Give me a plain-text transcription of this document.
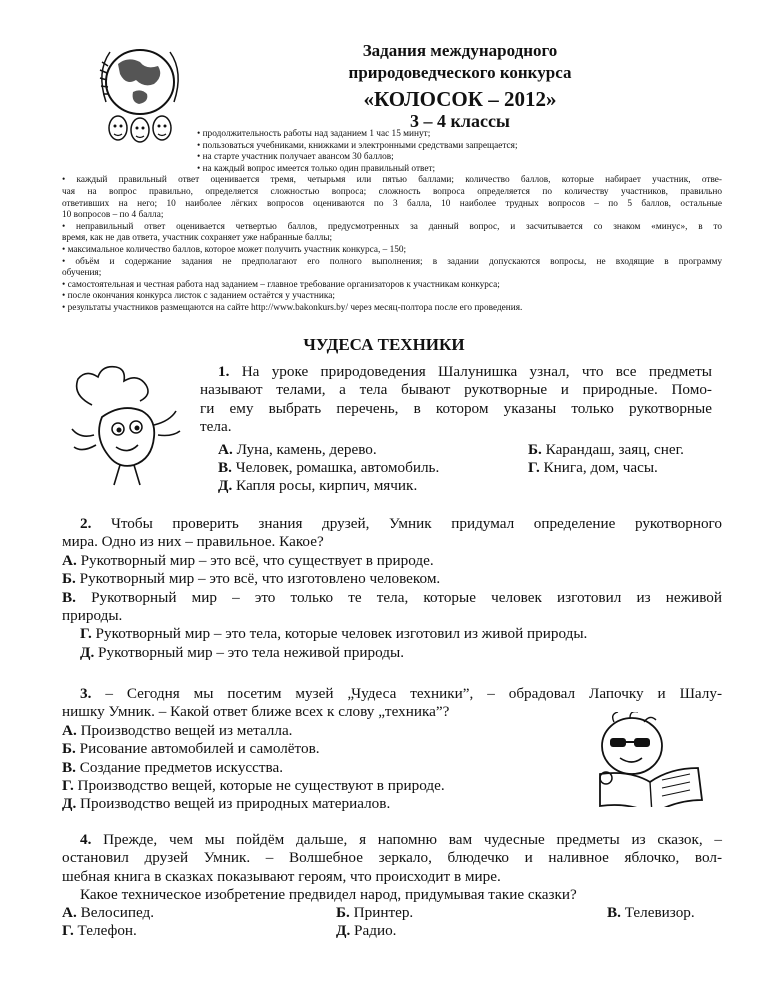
Задания международного
природоведческого конкурса
«КОЛОСОК – 2012»
3 – 4 классы
• продолжительность работы над заданием 1 час 15 минут;
• пользоваться учебниками, книжками и электронными средствами запрещается;
• на старте участник получает авансом 30 баллов;
• на каждый вопрос имеется только один правильный ответ;
• каждый правильный ответ оценивается тремя, четырьмя или пятью баллами; количество баллов, которые набирает участник, отве-
чая на вопрос правильно, определяется сложностью вопроса; сложность вопроса определяется по количеству участников, правильно
ответивших на него; 10 наиболее лёгких вопросов оцениваются по 3 балла, 10 наиболее трудных вопросов – по 5 баллов, остальные
10 вопросов – по 4 балла;
• неправильный ответ оценивается четвертью баллов, предусмотренных за данный вопрос, и засчитывается со знаком «минус», в то
время, как не дав ответа, участник сохраняет уже набранные баллы;
• максимальное количество баллов, которое может получить участник конкурса, – 150;
• объём и содержание задания не предполагают его полного выполнения; в задании допускаются вопросы, не входящие в программу
обучения;
• самостоятельная и честная работа над заданием – главное требование организаторов к участникам конкурса;
• после окончания конкурса листок с заданием остаётся у участника;
• результаты участников размещаются на сайте http://www.bakonkurs.by/ через месяц-полтора после его проведения.
ЧУДЕСА ТЕХНИКИ
1. На уроке природоведения Шалунишка узнал, что все предметы
называют телами, а тела бывают рукотворные и природные. Помо-
ги ему выбрать перечень, в котором указаны только рукотворные
тела.
А. Луна, камень, дерево.	Б. Карандаш, заяц, снег.
В. Человек, ромашка, автомобиль.	Г. Книга, дом, часы.
Д. Капля росы, кирпич, мячик.
2. Чтобы проверить знания друзей, Умник придумал определение рукотворного
мира. Одно из них – правильное. Какое?
А. Рукотворный мир – это всё, что существует в природе.
Б. Рукотворный мир – это всё, что изготовлено человеком.
В. Рукотворный мир – это только те тела, которые человек изготовил из неживой
природы.
Г. Рукотворный мир – это тела, которые человек изготовил из живой природы.
Д. Рукотворный мир – это тела неживой природы.
3. – Сегодня мы посетим музей „Чудеса техники”, – обрадовал Лапочку и Шалу-
нишку Умник. – Какой ответ ближе всех к слову „техника”?
А. Производство вещей из металла.
Б. Рисование автомобилей и самолётов.
В. Создание предметов искусства.
Г. Производство вещей, которые не существуют в природе.
Д. Производство вещей из природных материалов.
4. Прежде, чем мы пойдём дальше, я напомню вам чудесные предметы из сказок, –
остановил друзей Умник. – Волшебное зеркало, блюдечко и наливное яблочко, вол-
шебная книга в сказках показывают героям, что происходит в мире.
Какое техническое изобретение предвидел народ, придумывая такие сказки?
А. Велосипед.	Б. Принтер.	В. Телевизор.
Г. Телефон.	Д. Радио.
